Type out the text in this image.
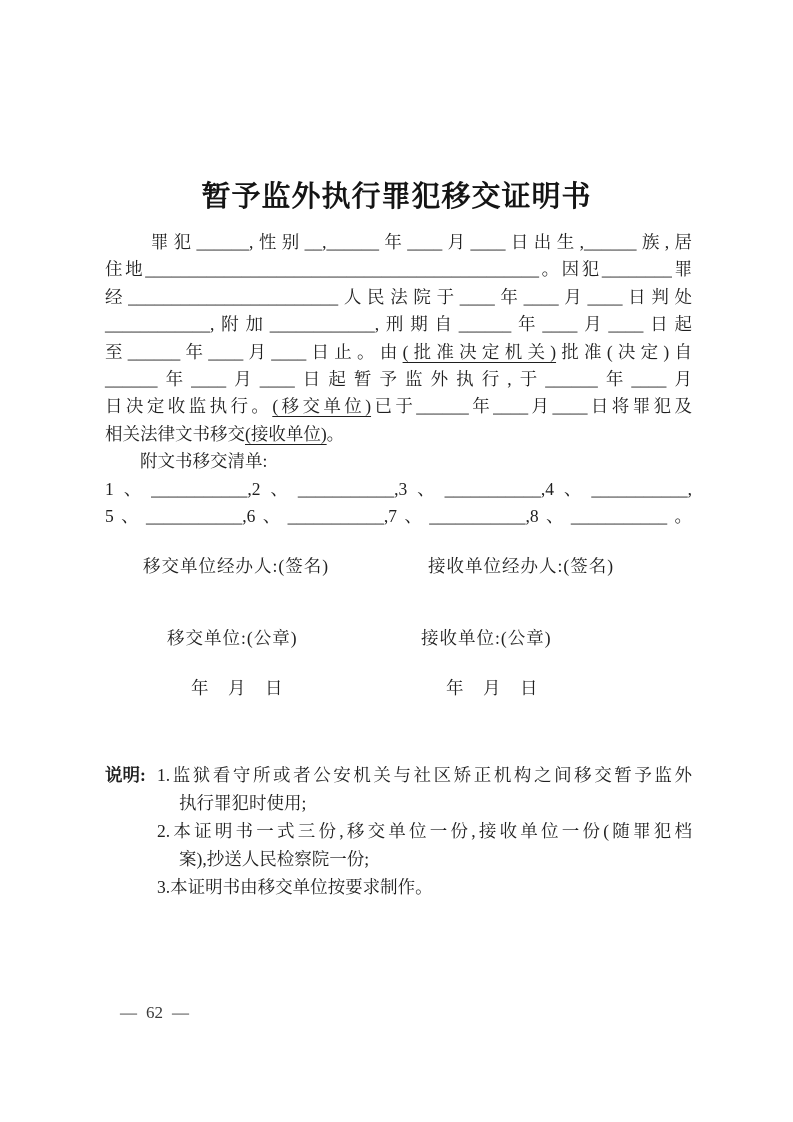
暂予监外执行罪犯移交证明书
　　罪犯______,性别__,______年____月____日出生,______族,居
住地_____________________________________________。因犯________罪
经________________________人民法院于____年____月____日判处
____________,附加____________,刑期自______年____月____日起
至______年____月____日止。由(批准决定机关)批准(决定)自
______年____月____日起暂予监外执行,于______年____月
日决定收监执行。(移交单位)已于______年____月____日将罪犯及
相关法律文书移交(接收单位)。
　　附文书移交清单:
1、___________,2、___________,3、___________,4、___________,
5、___________,6、___________,7、___________,8、___________。
移交单位经办人:(签名)	接收单位经办人:(签名)
移交单位:(公章)	接收单位:(公章)
年　月　日	年　月　日
说明: 1.监狱看守所或者公安机关与社区矫正机构之间移交暂予监外
执行罪犯时使用;
2.本证明书一式三份,移交单位一份,接收单位一份(随罪犯档
案),抄送人民检察院一份;
3.本证明书由移交单位按要求制作。
— 62 —
